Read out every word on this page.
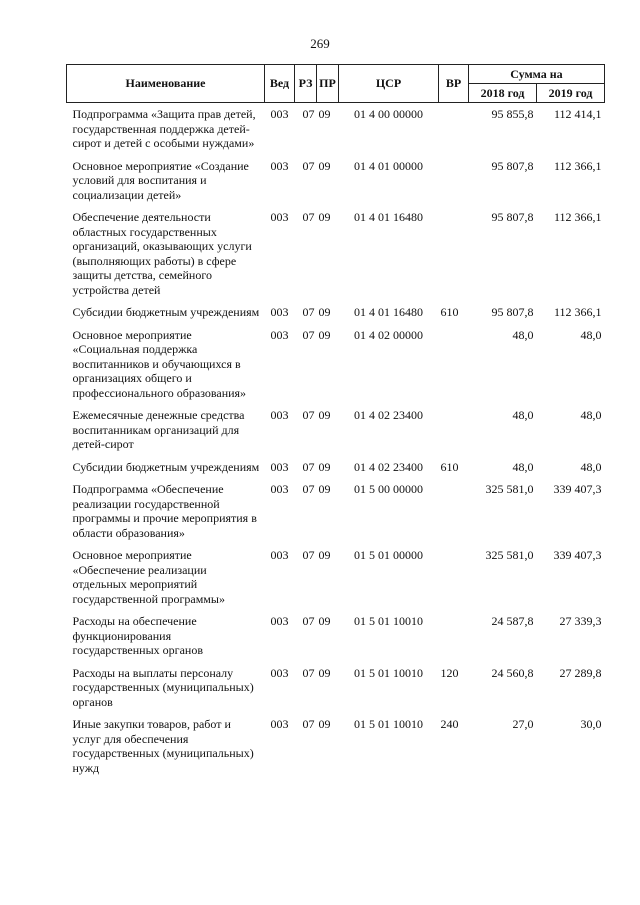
269
Наименование	Вед	РЗ	ПР	ЦСР	ВР	Сумма на	
						2018 год	2019 год
Подпрограмма «Защита прав детей, государственная поддержка детей-сирот и детей с особыми нуждами»	003	07	09	01 4 00 00000		95 855,8	112 414,1
Основное мероприятие «Создание условий для воспитания и социализации детей»	003	07	09	01 4 01 00000		95 807,8	112 366,1
Обеспечение деятельности областных государственных организаций, оказывающих услуги (выполняющих работы) в сфере защиты детства, семейного устройства детей	003	07	09	01 4 01 16480		95 807,8	112 366,1
Субсидии бюджетным учреждениям	003	07	09	01 4 01 16480	610	95 807,8	112 366,1
Основное мероприятие «Социальная поддержка воспитанников и обучающихся в организациях общего и профессионального образования»	003	07	09	01 4 02 00000		48,0	48,0
Ежемесячные денежные средства воспитанникам организаций для детей-сирот	003	07	09	01 4 02 23400		48,0	48,0
Субсидии бюджетным учреждениям	003	07	09	01 4 02 23400	610	48,0	48,0
Подпрограмма «Обеспечение реализации государственной программы и прочие мероприятия в области образования»	003	07	09	01 5 00 00000		325 581,0	339 407,3
Основное мероприятие «Обеспечение реализации отдельных мероприятий государственной программы»	003	07	09	01 5 01 00000		325 581,0	339 407,3
Расходы на обеспечение функционирования государственных органов	003	07	09	01 5 01 10010		24 587,8	27 339,3
Расходы на выплаты персоналу государственных (муниципальных) органов	003	07	09	01 5 01 10010	120	24 560,8	27 289,8
Иные закупки товаров, работ и услуг для обеспечения государственных (муниципальных) нужд	003	07	09	01 5 01 10010	240	27,0	30,0
